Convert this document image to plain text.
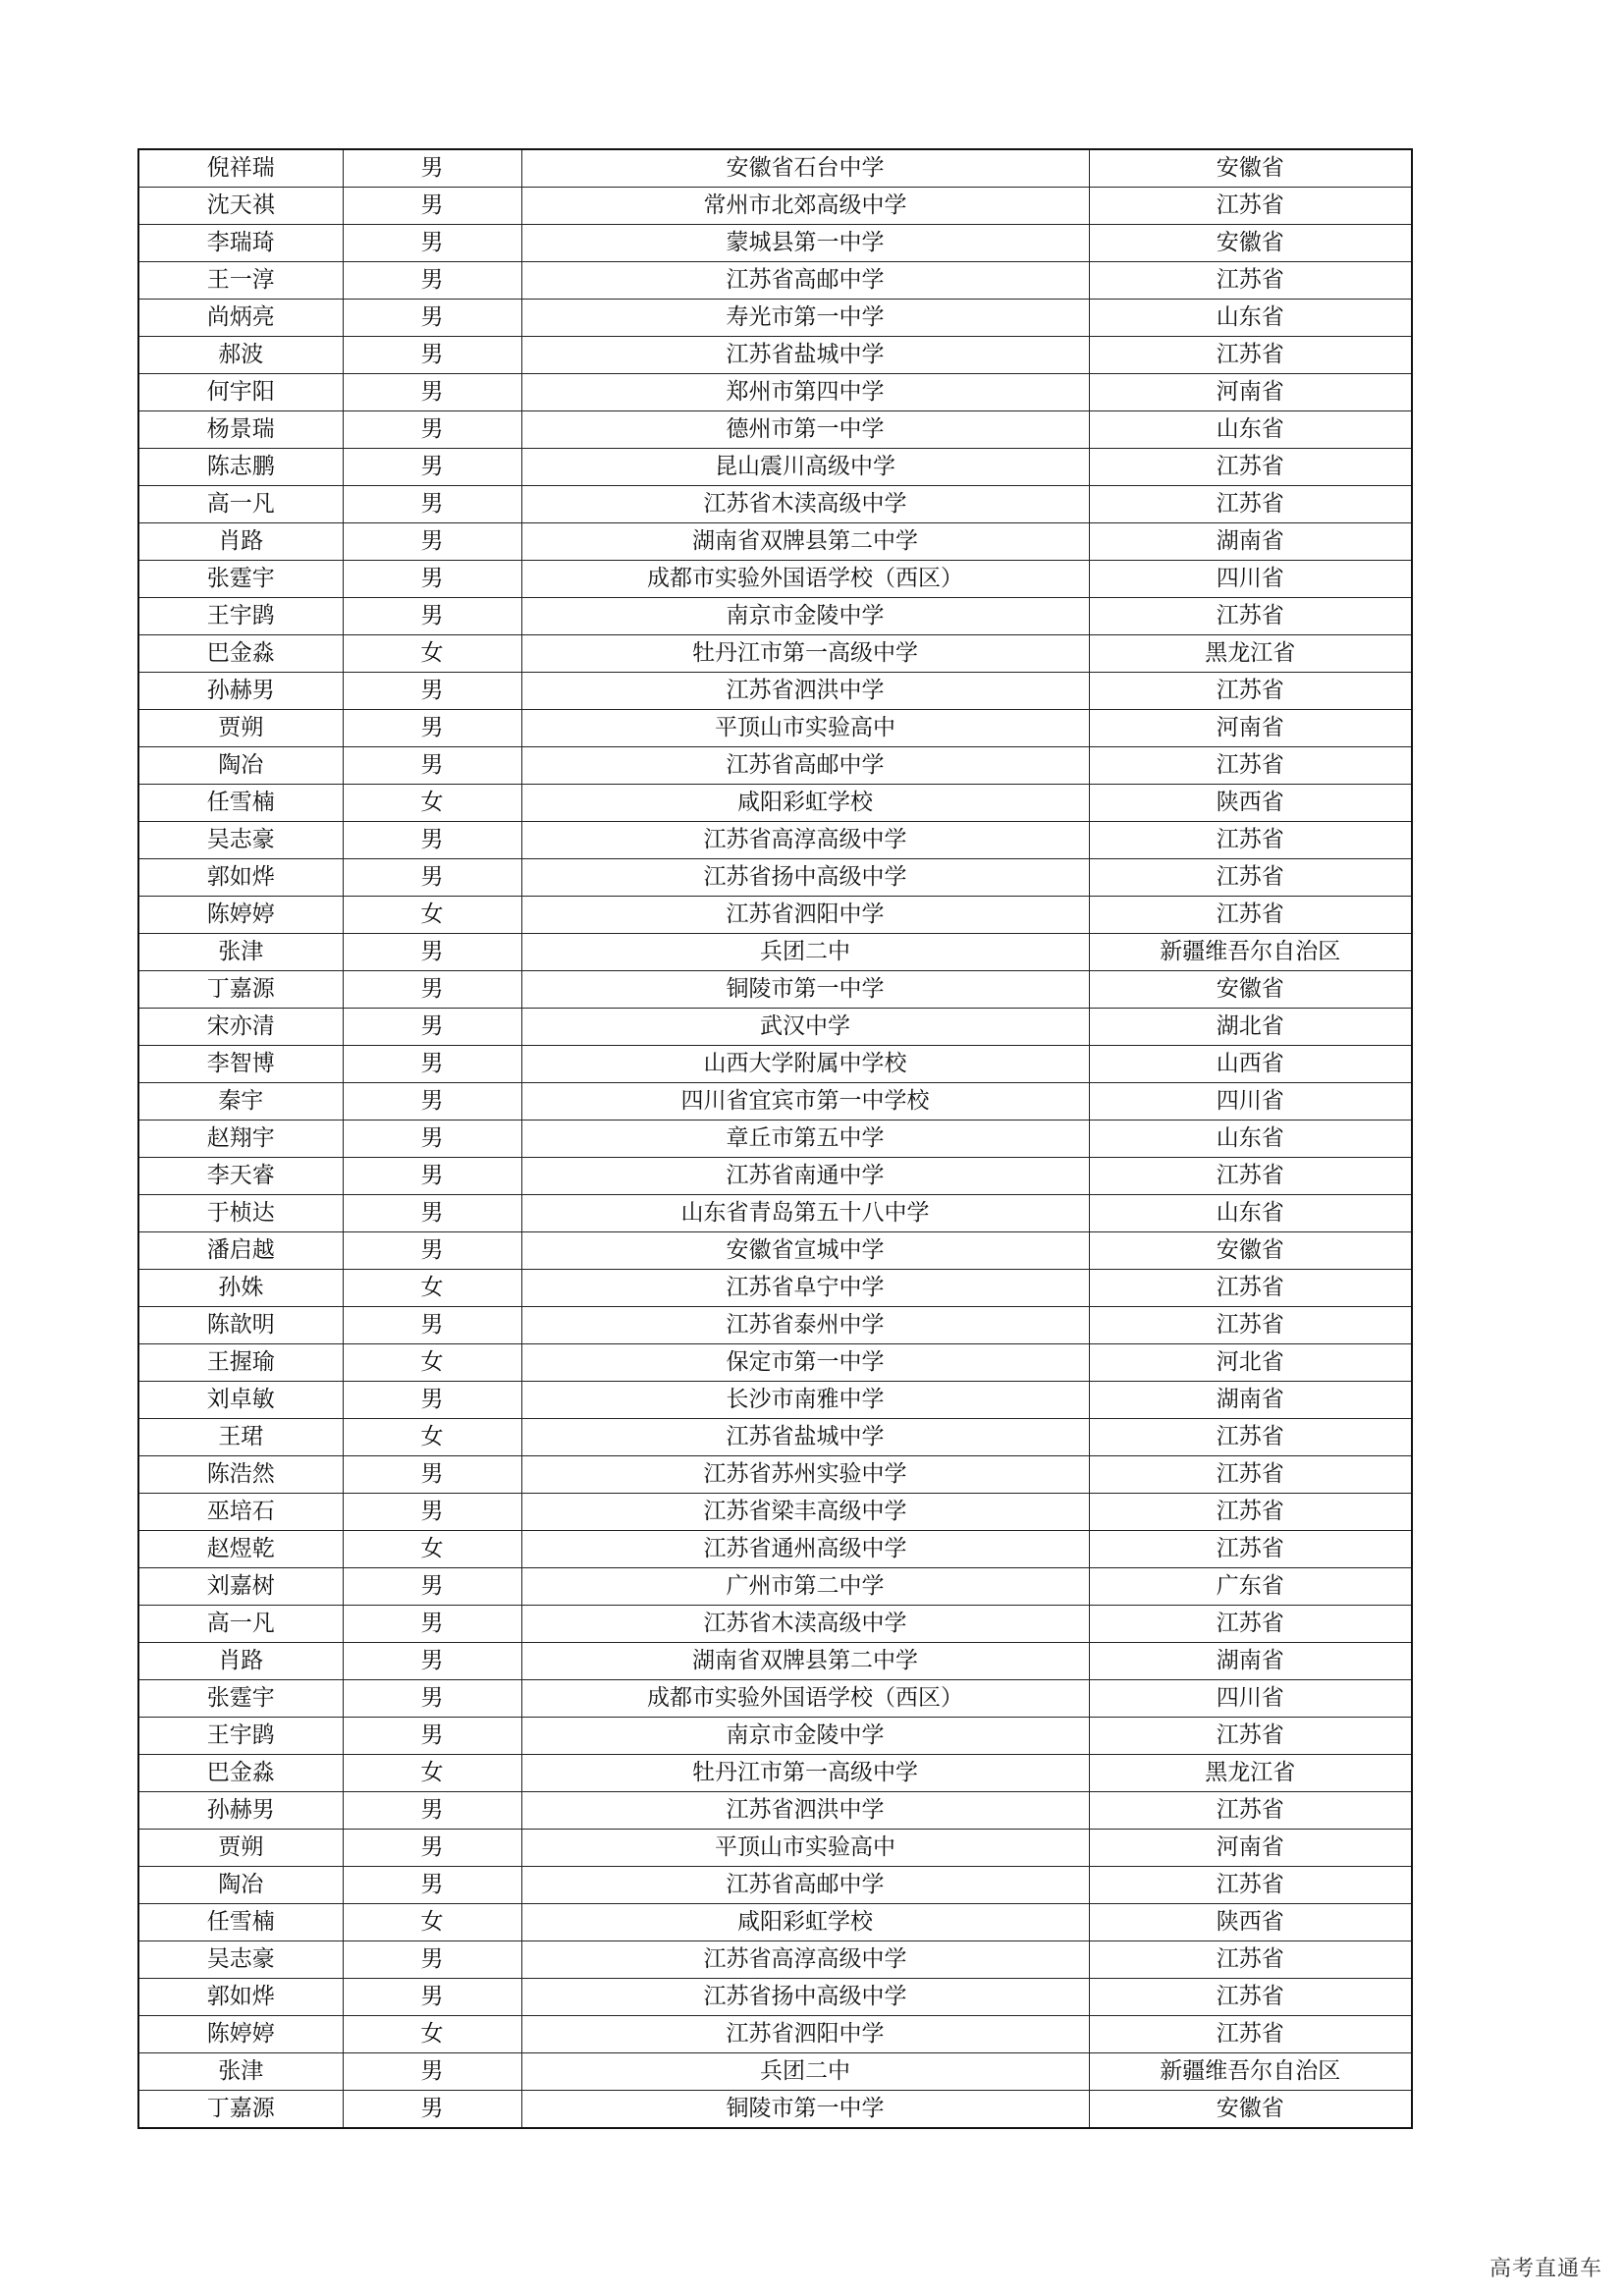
倪祥瑞	男	安徽省石台中学	安徽省
沈天祺	男	常州市北郊高级中学	江苏省
李瑞琦	男	蒙城县第一中学	安徽省
王一淳	男	江苏省高邮中学	江苏省
尚炳亮	男	寿光市第一中学	山东省
郝波	男	江苏省盐城中学	江苏省
何宇阳	男	郑州市第四中学	河南省
杨景瑞	男	德州市第一中学	山东省
陈志鹏	男	昆山震川高级中学	江苏省
高一凡	男	江苏省木渎高级中学	江苏省
肖路	男	湖南省双牌县第二中学	湖南省
张霆宇	男	成都市实验外国语学校（西区）	四川省
王宇鹍	男	南京市金陵中学	江苏省
巴金淼	女	牡丹江市第一高级中学	黑龙江省
孙赫男	男	江苏省泗洪中学	江苏省
贾朔	男	平顶山市实验高中	河南省
陶冶	男	江苏省高邮中学	江苏省
任雪楠	女	咸阳彩虹学校	陕西省
吴志豪	男	江苏省高淳高级中学	江苏省
郭如烨	男	江苏省扬中高级中学	江苏省
陈婷婷	女	江苏省泗阳中学	江苏省
张津	男	兵团二中	新疆维吾尔自治区
丁嘉源	男	铜陵市第一中学	安徽省
宋亦清	男	武汉中学	湖北省
李智博	男	山西大学附属中学校	山西省
秦宇	男	四川省宜宾市第一中学校	四川省
赵翔宇	男	章丘市第五中学	山东省
李天睿	男	江苏省南通中学	江苏省
于桢达	男	山东省青岛第五十八中学	山东省
潘启越	男	安徽省宣城中学	安徽省
孙姝	女	江苏省阜宁中学	江苏省
陈歆明	男	江苏省泰州中学	江苏省
王握瑜	女	保定市第一中学	河北省
刘卓敏	男	长沙市南雅中学	湖南省
王珺	女	江苏省盐城中学	江苏省
陈浩然	男	江苏省苏州实验中学	江苏省
巫培石	男	江苏省梁丰高级中学	江苏省
赵煜乾	女	江苏省通州高级中学	江苏省
刘嘉树	男	广州市第二中学	广东省
高一凡	男	江苏省木渎高级中学	江苏省
肖路	男	湖南省双牌县第二中学	湖南省
张霆宇	男	成都市实验外国语学校（西区）	四川省
王宇鹍	男	南京市金陵中学	江苏省
巴金淼	女	牡丹江市第一高级中学	黑龙江省
孙赫男	男	江苏省泗洪中学	江苏省
贾朔	男	平顶山市实验高中	河南省
陶冶	男	江苏省高邮中学	江苏省
任雪楠	女	咸阳彩虹学校	陕西省
吴志豪	男	江苏省高淳高级中学	江苏省
郭如烨	男	江苏省扬中高级中学	江苏省
陈婷婷	女	江苏省泗阳中学	江苏省
张津	男	兵团二中	新疆维吾尔自治区
丁嘉源	男	铜陵市第一中学	安徽省
高考直通车
